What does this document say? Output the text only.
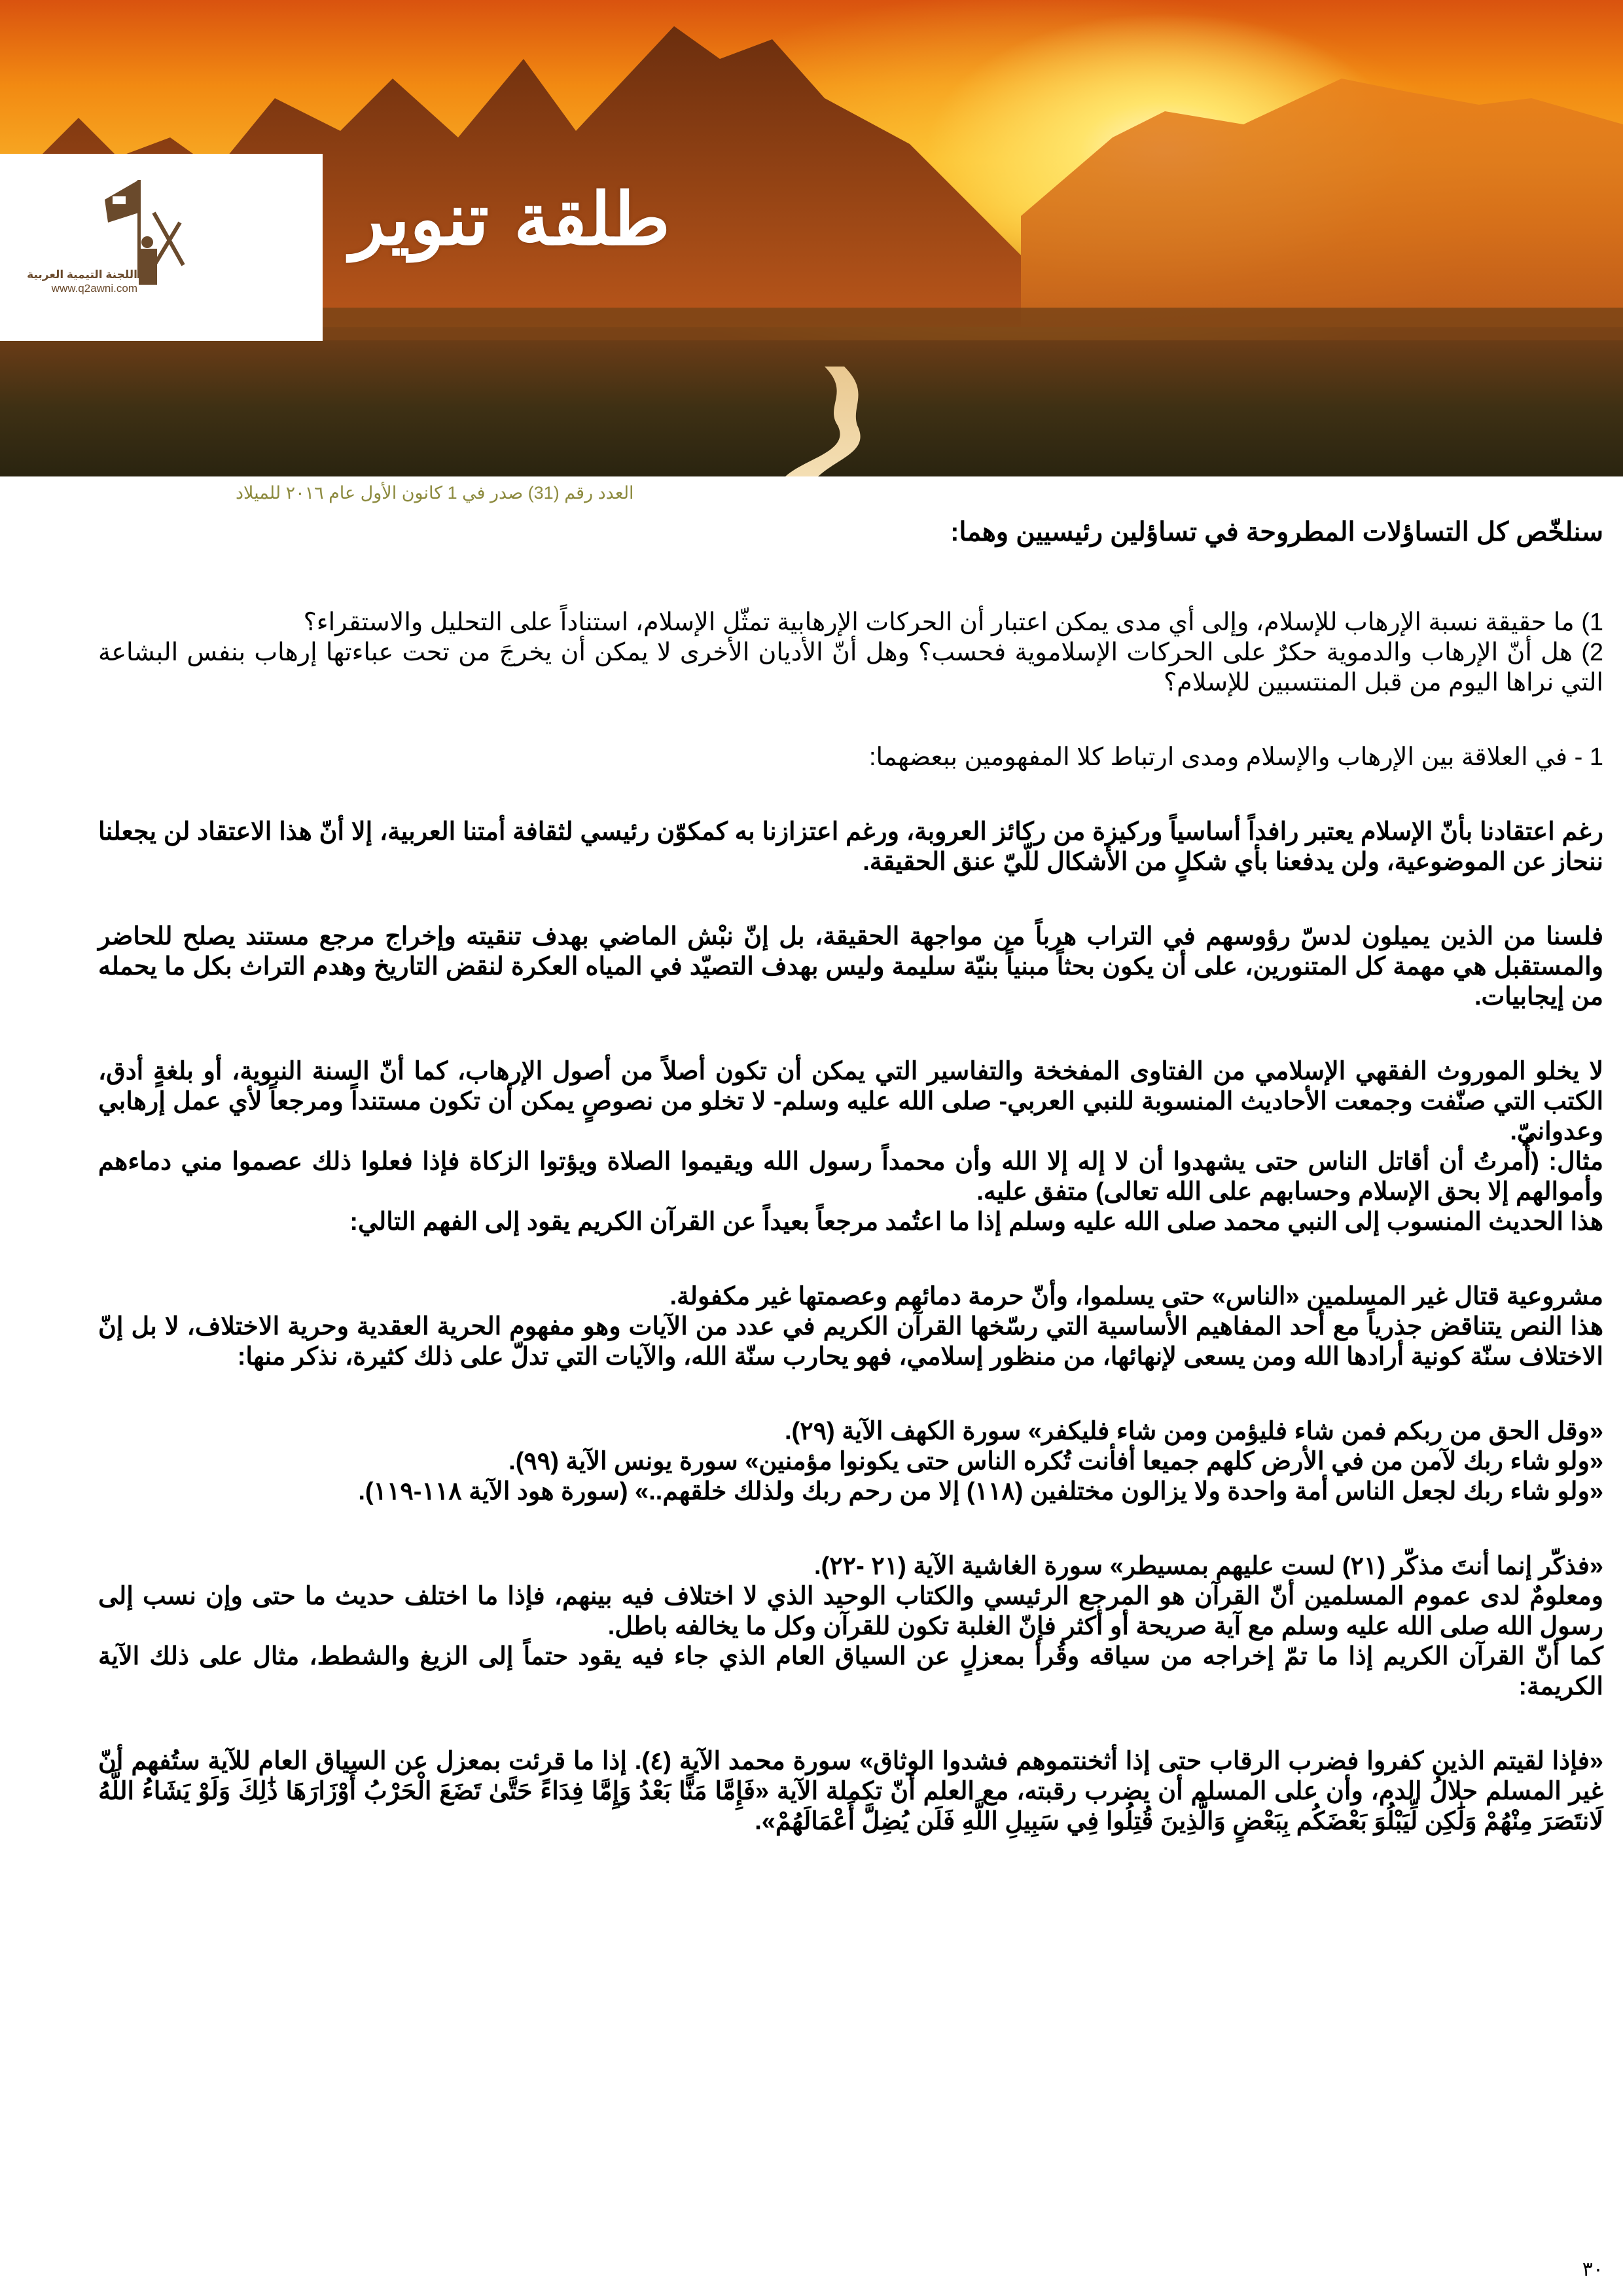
اللجنة التيمية العربية
www.q2awni.com
طلقة تنوير
العدد رقم (31) صدر في 1 كانون الأول عام ٢٠١٦ للميلاد

سنلخّص كل التساؤلات المطروحة في تساؤلين رئيسيين وهما:

1) ما حقيقة نسبة الإرهاب للإسلام، وإلى أي مدى يمكن اعتبار أن الحركات الإرهابية تمثّل الإسلام، استناداً على التحليل والاستقراء؟

2) هل أنّ الإرهاب والدموية حكرٌ على الحركات الإسلاموية فحسب؟ وهل أنّ الأديان الأخرى لا يمكن أن يخرجَ من تحت عباءتها إرهاب بنفس البشاعة التي نراها اليوم من قبل المنتسبين للإسلام؟

1 - في العلاقة بين الإرهاب والإسلام ومدى ارتباط كلا المفهومين ببعضهما:

رغم اعتقادنا بأنّ الإسلام يعتبر رافداً أساسياً وركيزة من ركائز العروبة، ورغم اعتزازنا به كمكوّن رئيسي لثقافة أمتنا العربية، إلا أنّ هذا الاعتقاد لن يجعلنا ننحاز عن الموضوعية، ولن يدفعنا بأي شكلٍ من الأشكال للّيّ عنق الحقيقة.

فلسنا من الذين يميلون لدسّ رؤوسهم في التراب هرباً من مواجهة الحقيقة، بل إنّ نبْش الماضي بهدف تنقيته وإخراج مرجع مستند يصلح للحاضر والمستقبل هي مهمة كل المتنورين، على أن يكون بحثاً مبنياً بنيّة سليمة وليس بهدف التصيّد في المياه العكرة لنقض التاريخ وهدم التراث بكل ما يحمله من إيجابيات.

لا يخلو الموروث الفقهي الإسلامي من الفتاوى المفخخة والتفاسير التي يمكن أن تكون أصلاً من أصول الإرهاب، كما أنّ السنة النبوية، أو بلغةٍ أدق، الكتب التي صنّفت وجمعت الأحاديث المنسوبة للنبي العربي- صلى الله عليه وسلم- لا تخلو من نصوصٍ يمكن أن تكون مستنداً ومرجعاً لأي عمل إرهابي وعدوانيّ.

مثال: (أُمرتُ أن أقاتل الناس حتى يشهدوا أن لا إله إلا الله وأن محمداً رسول الله ويقيموا الصلاة ويؤتوا الزكاة فإذا فعلوا ذلك عصموا مني دماءهم وأموالهم إلا بحق الإسلام وحسابهم على الله تعالى) متفق عليه.

هذا الحديث المنسوب إلى النبي محمد صلى الله عليه وسلم إذا ما اعتُمد مرجعاً بعيداً عن القرآن الكريم يقود إلى الفهم التالي:

مشروعية قتال غير المسلمين «الناس» حتى يسلموا، وأنّ حرمة دمائهم وعصمتها غير مكفولة.

هذا النص يتناقض جذرياً مع أحد المفاهيم الأساسية التي رسّخها القرآن الكريم في عدد من الآيات وهو مفهوم الحرية العقدية وحرية الاختلاف، لا بل إنّ الاختلاف سنّة كونية أرادها الله ومن يسعى لإنهائها، من منظور إسلامي، فهو يحارب سنّة الله، والآيات التي تدلّ على ذلك كثيرة، نذكر منها:

«وقل الحق من ربكم فمن شاء فليؤمن ومن شاء فليكفر» سورة الكهف الآية (٢٩).

«ولو شاء ربك لآمن من في الأرض كلهم جميعا أفأنت تُكره الناس حتى يكونوا مؤمنين» سورة يونس الآية (٩٩).

«ولو شاء ربك لجعل الناس أمة واحدة ولا يزالون مختلفين (١١٨) إلا من رحم ربك ولذلك خلقهم..» (سورة هود الآية ١١٨-١١٩).

«فذكّر إنما أنتَ مذكّر (٢١) لست عليهم بمسيطر» سورة الغاشية الآية (٢١ -٢٢).

ومعلومٌ لدى عموم المسلمين أنّ القرآن هو المرجع الرئيسي والكتاب الوحيد الذي لا اختلاف فيه بينهم، فإذا ما اختلف حديث ما حتى وإن نسب إلى رسول الله صلى الله عليه وسلم مع آية صريحة أو أكثر فإنّ الغلبة تكون للقرآن وكل ما يخالفه باطل.

كما أنّ القرآن الكريم إذا ما تمّ إخراجه من سياقه وقُرأ بمعزلٍ عن السياق العام الذي جاء فيه يقود حتماً إلى الزيغ والشطط، مثال على ذلك الآية الكريمة:

«فإذا لقيتم الذين كفروا فضرب الرقاب حتى إذا أثخنتموهم فشدوا الوثاق» سورة محمد الآية (٤). إذا ما قرئت بمعزل عن السياق العام للآية ستُفهم أنّ غير المسلم حلالُ الدم، وأن على المسلم أن يضرب رقبته، مع العلم أنّ تكملة الآية «فَإِمَّا مَنًّا بَعْدُ وَإِمَّا فِدَاءً حَتَّىٰ تَضَعَ الْحَرْبُ أَوْزَارَهَا ذَٰلِكَ وَلَوْ يَشَاءُ اللَّهُ لَانتَصَرَ مِنْهُمْ وَلَٰكِن لِّيَبْلُوَ بَعْضَكُم بِبَعْضٍ وَالَّذِينَ قُتِلُوا فِي سَبِيلِ اللَّهِ فَلَن يُضِلَّ أَعْمَالَهُمْ».

٣٠
